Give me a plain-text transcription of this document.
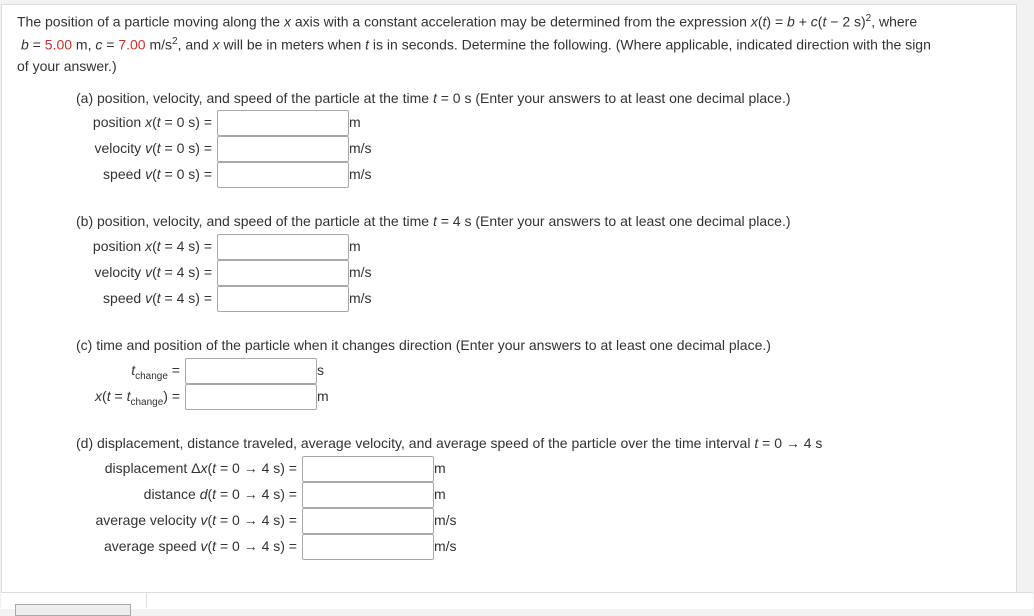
The position of a particle moving along the x axis with a constant acceleration may be determined from the expression x(t) = b + c(t − 2 s)$^2$, where
b = 5.00 m, c = 7.00 $m/s^2$, and x will be in meters when t is in seconds. Determine the following. (Where applicable, indicated direction with the sign
of your answer.)
(a) position, velocity, and speed of the particle at the time t = 0 s (Enter your answers to at least one decimal place.)
position x(t = 0 s) =	m
velocity v(t = 0 s) =	m/s
speed v(t = 0 s) =	m/s
(b) position, velocity, and speed of the particle at the time t = 4 s (Enter your answers to at least one decimal place.)
position x(t = 4 s) =	m
velocity v(t = 4 s) =	m/s
speed v(t = 4 s) =	m/s
(c) time and position of the particle when it changes direction (Enter your answers to at least one decimal place.)
$t_{change}$ =	s
$x(t = t_{change})$ =	m
(d) displacement, distance traveled, average velocity, and average speed of the particle over the time interval t = 0 → 4 s
displacement Δx(t = 0 → 4 s) =	m
distance d(t = 0 → 4 s) =	m
average velocity v(t = 0 → 4 s) =	m/s
average speed v(t = 0 → 4 s) =	m/s
